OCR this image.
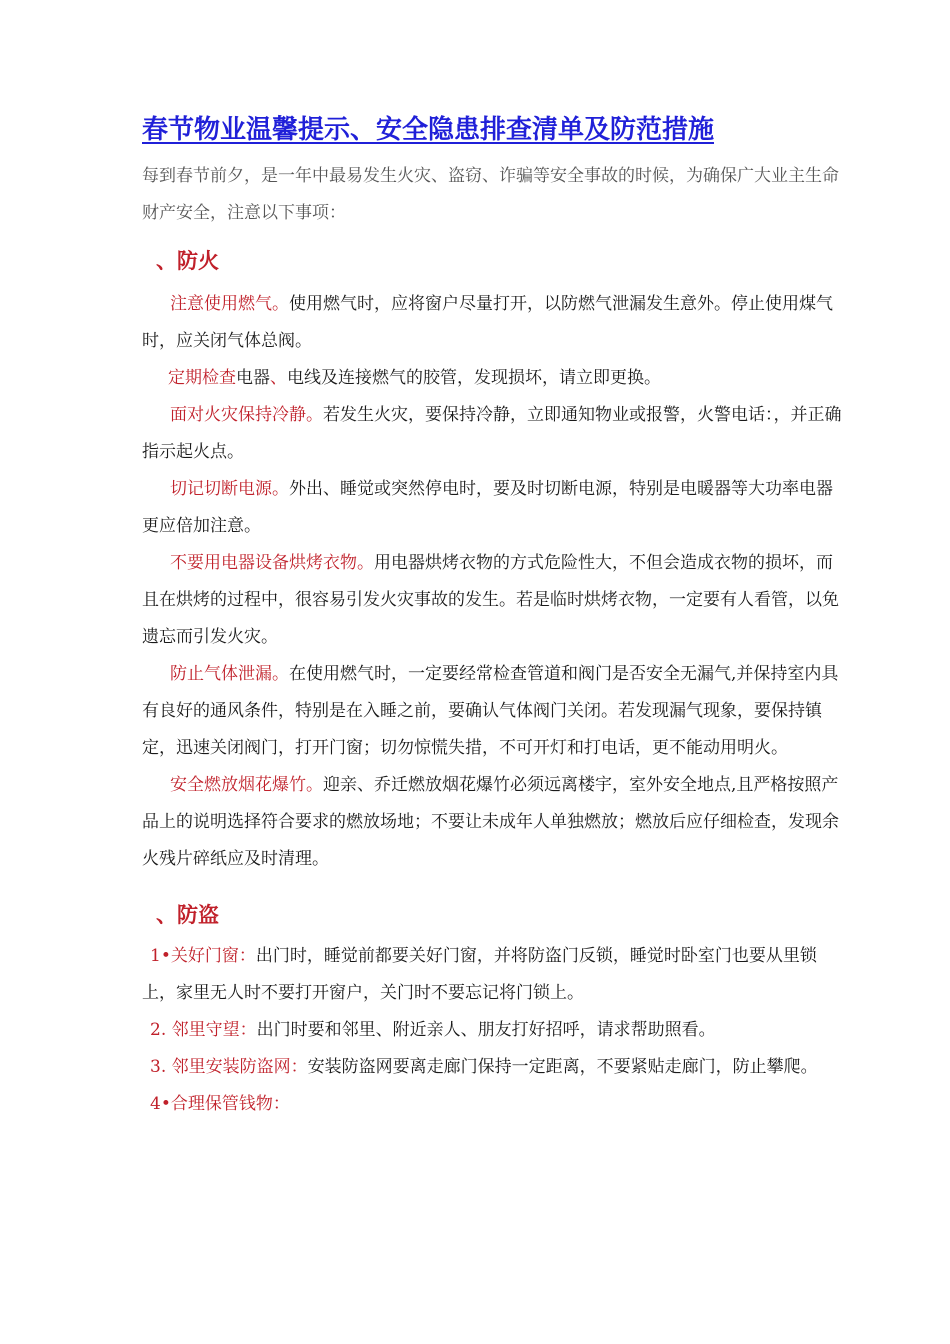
春节物业温馨提示、安全隐患排查清单及防范措施

每到春节前夕，是一年中最易发生火灾、盗窃、诈骗等安全事故的时候，为确保广大业主生命财产安全，注意以下事项：

、防火

注意使用燃气。使用燃气时，应将窗户尽量打开，以防燃气泄漏发生意外。停止使用煤气时，应关闭气体总阀。

定期检查电器、电线及连接燃气的胶管，发现损坏，请立即更换。

面对火灾保持冷静。若发生火灾，要保持冷静，立即通知物业或报警，火警电话：，并正确指示起火点。

切记切断电源。外出、睡觉或突然停电时，要及时切断电源，特别是电暖器等大功率电器更应倍加注意。

不要用电器设备烘烤衣物。用电器烘烤衣物的方式危险性大，不但会造成衣物的损坏，而且在烘烤的过程中，很容易引发火灾事故的发生。若是临时烘烤衣物，一定要有人看管，以免遗忘而引发火灾。

防止气体泄漏。在使用燃气时，一定要经常检查管道和阀门是否安全无漏气,并保持室内具有良好的通风条件，特别是在入睡之前，要确认气体阀门关闭。若发现漏气现象，要保持镇定，迅速关闭阀门，打开门窗；切勿惊慌失措，不可开灯和打电话，更不能动用明火。

安全燃放烟花爆竹。迎亲、乔迁燃放烟花爆竹必须远离楼宇，室外安全地点,且严格按照产品上的说明选择符合要求的燃放场地；不要让未成年人单独燃放；燃放后应仔细检查，发现余火残片碎纸应及时清理。

、防盗

1•关好门窗：出门时，睡觉前都要关好门窗，并将防盗门反锁，睡觉时卧室门也要从里锁上，家里无人时不要打开窗户，关门时不要忘记将门锁上。

2. 邻里守望：出门时要和邻里、附近亲人、朋友打好招呼，请求帮助照看。

3. 邻里安装防盗网：安装防盗网要离走廊门保持一定距离，不要紧贴走廊门，防止攀爬。

4•合理保管钱物：
